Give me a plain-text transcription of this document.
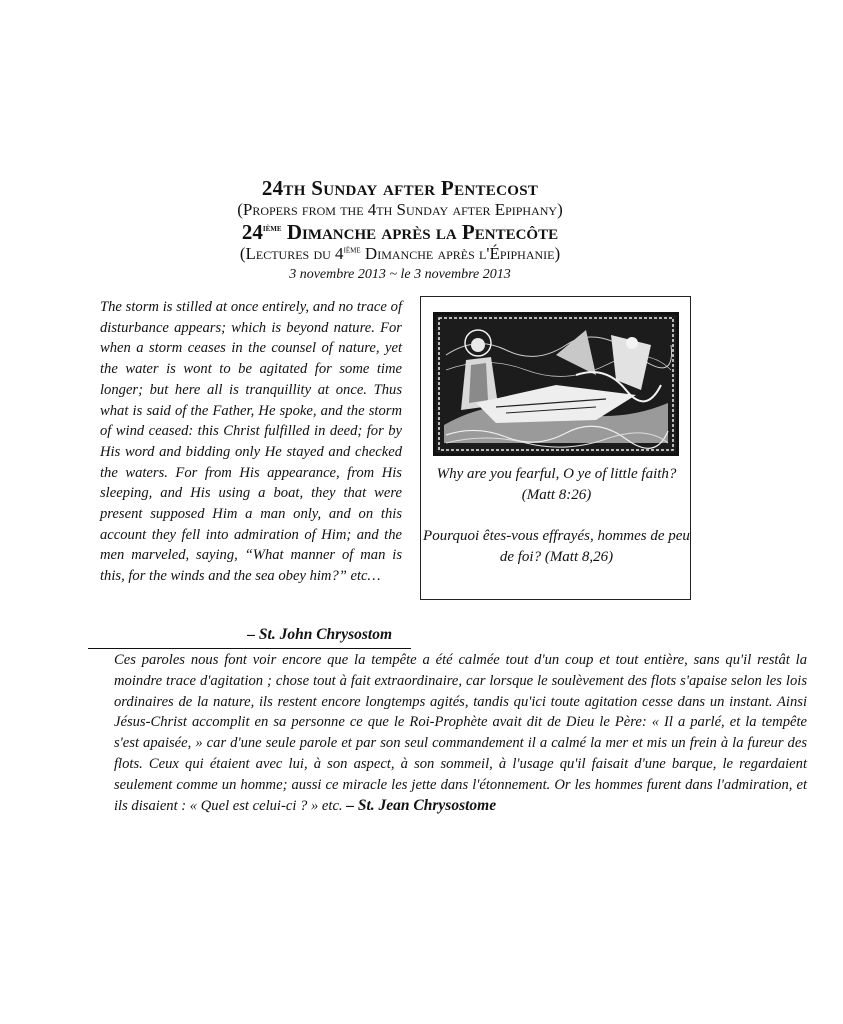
24th Sunday after Pentecost
(Propers from the 4th Sunday after Epiphany)
24ième Dimanche après la Pentecôte
(Lectures du 4ième Dimanche après l'Épiphanie)
3 novembre 2013 ~ le 3 novembre 2013
The storm is stilled at once entirely, and no trace of disturbance appears; which is beyond nature. For when a storm ceases in the counsel of nature, yet the water is wont to be agitated for some time longer; but here all is tranquillity at once. Thus what is said of the Father, He spoke, and the storm of wind ceased: this Christ fulfilled in deed; for by His word and bidding only He stayed and checked the waters. For from His appearance, from His sleeping, and His using a boat, they that were present supposed Him a man only, and on this account they fell into admiration of Him; and the men marveled, saying, “What manner of man is this, for the winds and the sea obey him?” etc…
– St. John Chrysostom
Why are you fearful, O ye of little faith? (Matt 8:26)
Pourquoi êtes-vous effrayés, hommes de peu de foi? (Matt 8,26)
Ces paroles nous font voir encore que la tempête a été calmée tout d'un coup et tout entière, sans qu'il restât la moindre trace d'agitation ; chose tout à fait extraordinaire, car lorsque le soulèvement des flots s'apaise selon les lois ordinaires de la nature, ils restent encore longtemps agités, tandis qu'ici toute agitation cesse dans un instant. Ainsi Jésus-Christ accomplit en sa personne ce que le Roi-Prophète avait dit de Dieu le Père: « Il a parlé, et la tempête s'est apaisée, » car d'une seule parole et par son seul commandement il a calmé la mer et mis un frein à la fureur des flots. Ceux qui étaient avec lui, à son aspect, à son sommeil, à l'usage qu'il faisait d'une barque, le regardaient seulement comme un homme; aussi ce miracle les jette dans l'étonnement. Or les hommes furent dans l'admiration, et ils disaient : « Quel est celui-ci ? » etc. – St. Jean Chrysostome
